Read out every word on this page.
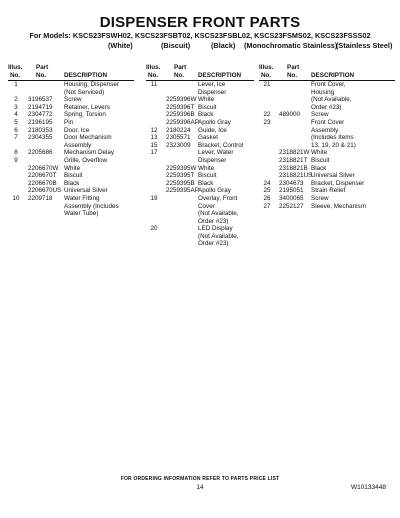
DISPENSER FRONT PARTS
For Models: KSCS23FSWH02, KSCS23FSBT02, KSCS23FSBL02, KSCS23FSMS02, KSCS23FSSS02
(White)	(Biscuit)	(Black) (Monochromatic Stainless)
(Stainless Steel)
Illus.
No.
Part
No.	DESCRIPTION
1	Housing, Dispenser
(Not Serviced)
2	3196537 Screw
3	2194719 Retainer, Levers
4	2304772 Spring, Torsion
5	2196195 Pin
6	2180353 Door, Ice
7	2304355 Door Mechanism
Assembly
8	2205686 Mechanism Delay
9	Grille, Overflow
2206670W White
2206670T Biscuit
2206670B Black
2206670US Universal Silver
10	2209718 Water Fitting
Assembly (Includes
Water Tube)
Illus.
No.
Part
No. DESCRIPTION
11	Lever, Ice
Dispenser
2259396W White
2259396T Biscuit
2259396B Black
2259396AP Apollo Gray
12	2180224 Guide, Ice
13	2305571 Gasket
15	2323009 Bracket, Control
17	Lever, Water
Dispenser
2259395W White
2259395T Biscuit
2259395B Black
2259395AP Apollo Gray
19	Overlay, Front
Cover
(Not Available,
Order #23)
20	LED Display
(Not Available,
Order #23)
Illus.
No.
Part
No. DESCRIPTION
21	Front Cover,
Housing
(Not Available,
Order #23)
22	489000 Screw
23	Front Cover
Assembly
(Includes Items
13, 19, 20 & 21)
2318821W White
2318821T Biscuit
2318821B Black
2318821US
Universal Silver
24	2304673 Bracket, Dispenser
25	2195051 Strain Relief
26	3400065 Screw
27	2252127 Sleeve, Mechanism
FOR ORDERING INFORMATION REFER TO PARTS PRICE LIST
14	W10133448
